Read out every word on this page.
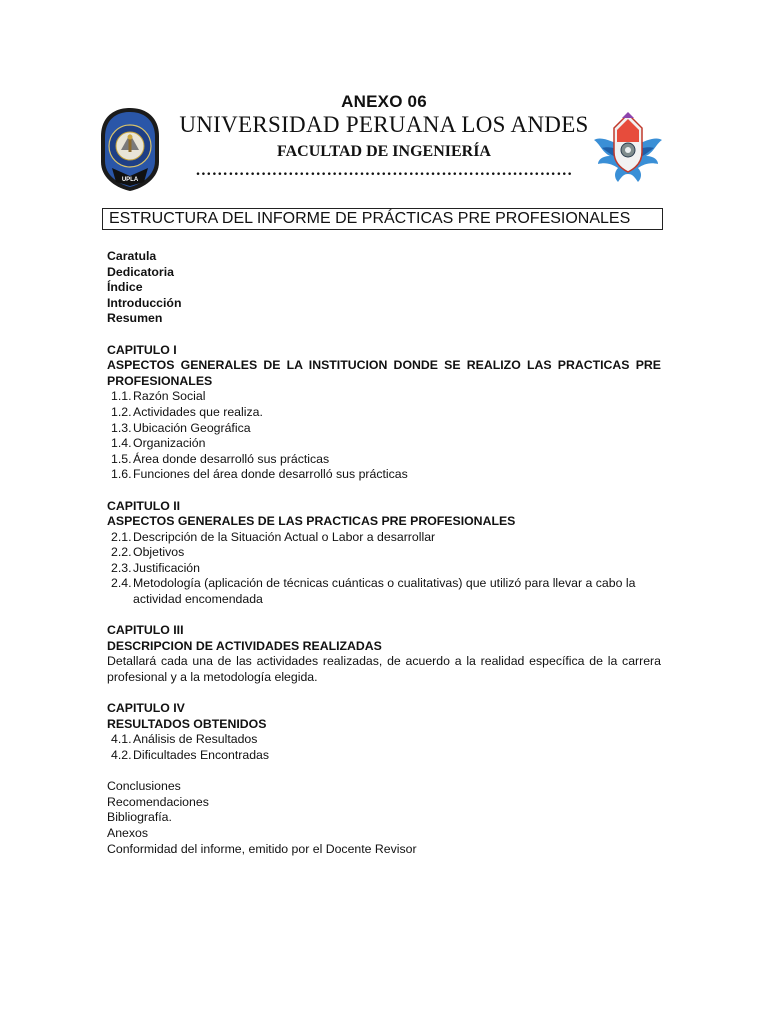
UPLA
ANEXO 06
UNIVERSIDAD PERUANA LOS ANDES
FACULTAD DE INGENIERÍA
……………………………………………………………
ESTRUCTURA DEL INFORME DE PRÁCTICAS PRE PROFESIONALES
Caratula
Dedicatoria
Índice
Introducción
Resumen
CAPITULO I
ASPECTOS GENERALES DE LA INSTITUCION DONDE SE REALIZO LAS PRACTICAS PRE PROFESIONALES
1.1. Razón Social
1.2. Actividades que realiza.
1.3. Ubicación Geográfica
1.4. Organización
1.5. Área donde desarrolló sus prácticas
1.6. Funciones del área donde desarrolló sus prácticas
CAPITULO II
ASPECTOS GENERALES DE LAS PRACTICAS PRE PROFESIONALES
2.1. Descripción de la Situación Actual o Labor a desarrollar
2.2. Objetivos
2.3. Justificación
2.4. Metodología (aplicación de técnicas cuánticas o cualitativas) que utilizó para llevar a cabo la actividad encomendada
CAPITULO III
DESCRIPCION DE ACTIVIDADES REALIZADAS
Detallará cada una de las actividades realizadas, de acuerdo a la realidad específica de la carrera profesional y a la metodología elegida.
CAPITULO IV
RESULTADOS OBTENIDOS
4.1. Análisis de Resultados
4.2. Dificultades Encontradas
Conclusiones
Recomendaciones
Bibliografía.
Anexos
Conformidad del informe, emitido por el Docente Revisor
